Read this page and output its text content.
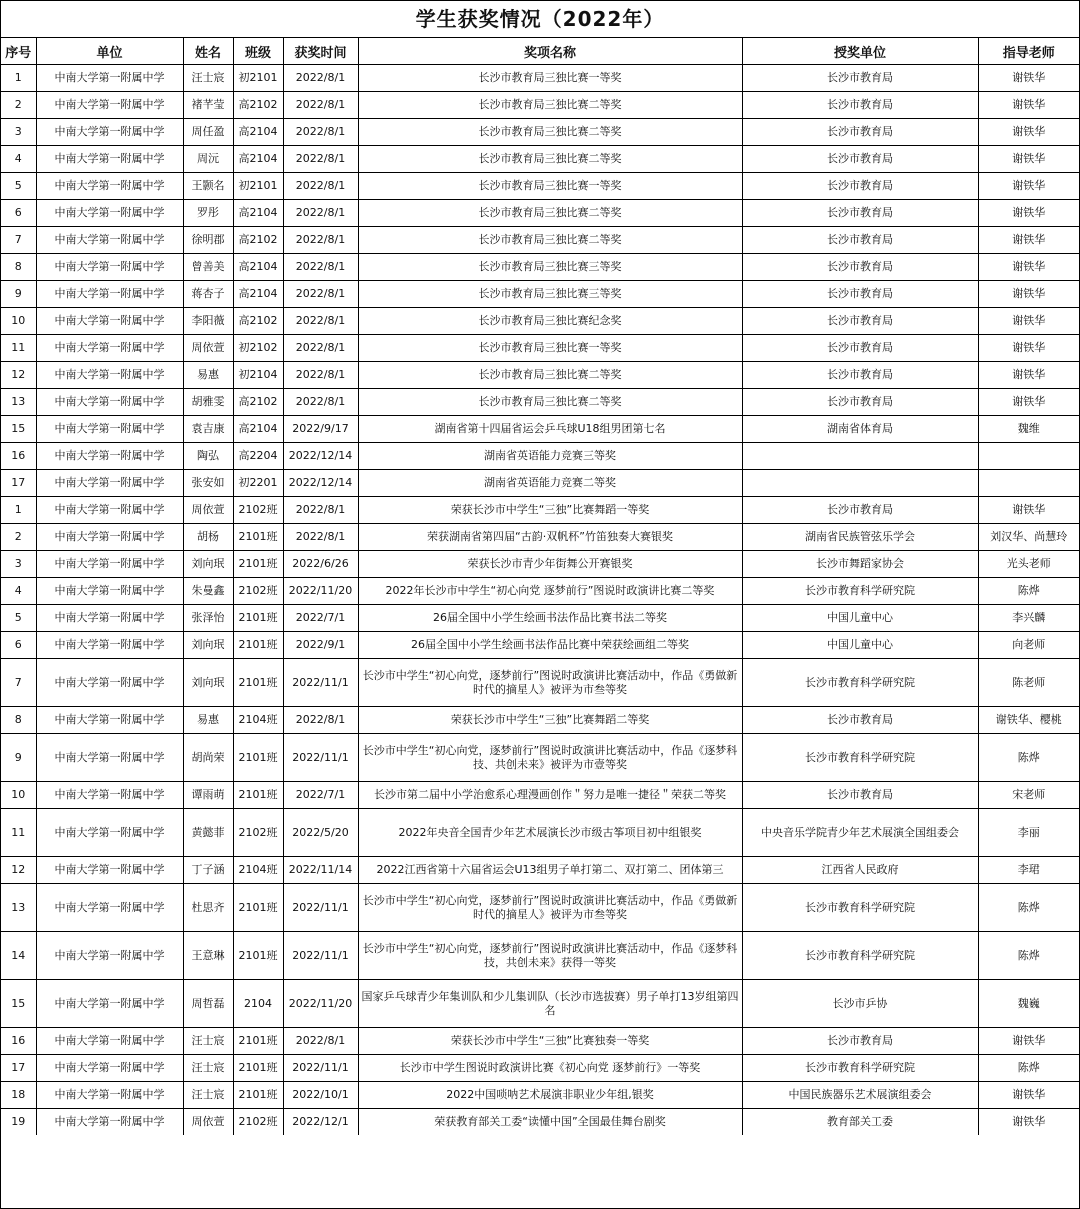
学生获奖情况（2022年）
序号	单位	姓名	班级	获奖时间	奖项名称	授奖单位	指导老师
1	中南大学第一附属中学	汪士宸	初2101	2022/8/1	长沙市教育局三独比赛一等奖	长沙市教育局	谢铁华
2	中南大学第一附属中学	褚芊莹	高2102	2022/8/1	长沙市教育局三独比赛二等奖	长沙市教育局	谢铁华
3	中南大学第一附属中学	周任盈	高2104	2022/8/1	长沙市教育局三独比赛二等奖	长沙市教育局	谢铁华
4	中南大学第一附属中学	周沅	高2104	2022/8/1	长沙市教育局三独比赛二等奖	长沙市教育局	谢铁华
5	中南大学第一附属中学	王颢名	初2101	2022/8/1	长沙市教育局三独比赛一等奖	长沙市教育局	谢铁华
6	中南大学第一附属中学	罗彤	高2104	2022/8/1	长沙市教育局三独比赛二等奖	长沙市教育局	谢铁华
7	中南大学第一附属中学	徐明郡	高2102	2022/8/1	长沙市教育局三独比赛二等奖	长沙市教育局	谢铁华
8	中南大学第一附属中学	曾善美	高2104	2022/8/1	长沙市教育局三独比赛三等奖	长沙市教育局	谢铁华
9	中南大学第一附属中学	蒋杏子	高2104	2022/8/1	长沙市教育局三独比赛三等奖	长沙市教育局	谢铁华
10	中南大学第一附属中学	李阳薇	高2102	2022/8/1	长沙市教育局三独比赛纪念奖	长沙市教育局	谢铁华
11	中南大学第一附属中学	周依萱	初2102	2022/8/1	长沙市教育局三独比赛一等奖	长沙市教育局	谢铁华
12	中南大学第一附属中学	易惠	初2104	2022/8/1	长沙市教育局三独比赛二等奖	长沙市教育局	谢铁华
13	中南大学第一附属中学	胡雅雯	高2102	2022/8/1	长沙市教育局三独比赛二等奖	长沙市教育局	谢铁华
15	中南大学第一附属中学	袁吉康	高2104	2022/9/17	湖南省第十四届省运会乒乓球U18组男团第七名	湖南省体育局	魏维
16	中南大学第一附属中学	陶弘	高2204	2022/12/14	湖南省英语能力竞赛三等奖		
17	中南大学第一附属中学	张安如	初2201	2022/12/14	湖南省英语能力竞赛二等奖		
1	中南大学第一附属中学	周依萱	2102班	2022/8/1	荣获长沙市中学生“三独”比赛舞蹈一等奖	长沙市教育局	谢铁华
2	中南大学第一附属中学	胡杨	2101班	2022/8/1	荣获湖南省第四届“古韵·双帆杯”竹笛独奏大赛银奖	湖南省民族管弦乐学会	刘汉华、尚慧玲
3	中南大学第一附属中学	刘向珉	2101班	2022/6/26	荣获长沙市青少年街舞公开赛银奖	长沙市舞蹈家协会	光头老师
4	中南大学第一附属中学	朱曼鑫	2102班	2022/11/20	2022年长沙市中学生“初心向党 逐梦前行”图说时政演讲比赛二等奖	长沙市教育科学研究院	陈烨
5	中南大学第一附属中学	张泽怡	2101班	2022/7/1	26届全国中小学生绘画书法作品比赛书法二等奖	中国儿童中心	李兴麟
6	中南大学第一附属中学	刘向珉	2101班	2022/9/1	26届全国中小学生绘画书法作品比赛中荣获绘画组二等奖	中国儿童中心	向老师
7	中南大学第一附属中学	刘向珉	2101班	2022/11/1	长沙市中学生“初心向党，逐梦前行”图说时政演讲比赛活动中，作品《勇做新时代的摘星人》被评为市叁等奖	长沙市教育科学研究院	陈老师
8	中南大学第一附属中学	易惠	2104班	2022/8/1	荣获长沙市中学生“三独”比赛舞蹈二等奖	长沙市教育局	谢铁华、樱桃
9	中南大学第一附属中学	胡尚荣	2101班	2022/11/1	长沙市中学生“初心向党，逐梦前行”图说时政演讲比赛活动中，作品《逐梦科技、共创未来》被评为市壹等奖	长沙市教育科学研究院	陈烨
10	中南大学第一附属中学	谭雨萌	2101班	2022/7/1	长沙市第二届中小学治愈系心理漫画创作＂努力是唯一捷径＂荣获二等奖	长沙市教育局	宋老师
11	中南大学第一附属中学	黄懿菲	2102班	2022/5/20	2022年央音全国青少年艺术展演长沙市级古筝项目初中组银奖	中央音乐学院青少年艺术展演全国组委会	李丽
12	中南大学第一附属中学	丁子涵	2104班	2022/11/14	2022江西省第十六届省运会U13组男子单打第二、双打第二、团体第三	江西省人民政府	李珺
13	中南大学第一附属中学	杜思齐	2101班	2022/11/1	长沙市中学生“初心向党，逐梦前行”图说时政演讲比赛活动中，作品《勇做新时代的摘星人》被评为市叁等奖	长沙市教育科学研究院	陈烨
14	中南大学第一附属中学	王意琳	2101班	2022/11/1	长沙市中学生“初心向党，逐梦前行”图说时政演讲比赛活动中，作品《逐梦科技，共创未来》获得一等奖	长沙市教育科学研究院	陈烨
15	中南大学第一附属中学	周哲磊	2104	2022/11/20	国家乒乓球青少年集训队和少儿集训队（长沙市选拔赛）男子单打13岁组第四名	长沙市乒协	魏巍
16	中南大学第一附属中学	汪士宸	2101班	2022/8/1	荣获长沙市中学生“三独”比赛独奏一等奖	长沙市教育局	谢铁华
17	中南大学第一附属中学	汪士宸	2101班	2022/11/1	长沙市中学生图说时政演讲比赛《初心向党 逐梦前行》一等奖	长沙市教育科学研究院	陈烨
18	中南大学第一附属中学	汪士宸	2101班	2022/10/1	2022中国唢呐艺术展演非职业少年组,银奖	中国民族器乐艺术展演组委会	谢铁华
19	中南大学第一附属中学	周依萱	2102班	2022/12/1	荣获教育部关工委“读懂中国”全国最佳舞台剧奖	教育部关工委	谢铁华
